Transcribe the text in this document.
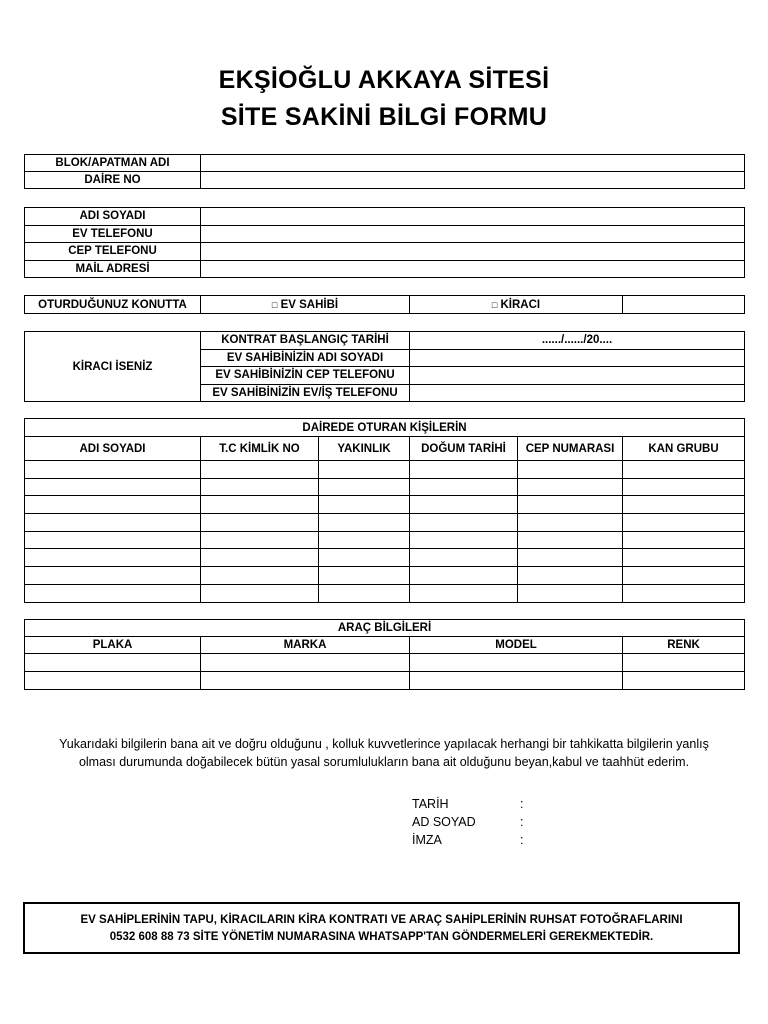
EKŞİOĞLU AKKAYA SİTESİ
SİTE SAKİNİ BİLGİ FORMU
BLOK/APATMAN ADI	
DAİRE NO	
ADI SOYADI	
EV TELEFONU	
CEP TELEFONU	
MAİL ADRESİ	
OTURDUĞUNUZ KONUTTA	□ EV SAHİBİ	□ KİRACI	
KİRACI İSENİZ	KONTRAT BAŞLANGIÇ TARİHİ	....../....../20....
	EV SAHİBİNİZİN ADI SOYADI	
	EV SAHİBİNİZİN CEP TELEFONU	
	EV SAHİBİNİZİN EV/İŞ TELEFONU	
DAİREDE OTURAN KİŞİLERİN					
ADI SOYADI	T.C KİMLİK NO	YAKINLIK	DOĞUM TARİHİ	CEP NUMARASI	KAN GRUBU

ARAÇ BİLGİLERİ			
PLAKA	MARKA	MODEL	RENK

Yukarıdaki bilgilerin bana ait ve doğru olduğunu , kolluk kuvvetlerince yapılacak herhangi bir tahkikatta bilgilerin yanlış
olması durumunda doğabilecek bütün yasal sorumlulukların bana ait olduğunu beyan,kabul ve taahhüt ederim.
TARİH	:
AD SOYAD	:
İMZA	:
EV SAHİPLERİNİN TAPU, KİRACILARIN KİRA KONTRATI VE ARAÇ SAHİPLERİNİN RUHSAT FOTOĞRAFLARINI
0532 608 88 73 SİTE YÖNETİM NUMARASINA WHATSAPP'TAN GÖNDERMELERİ GEREKMEKTEDİR.
